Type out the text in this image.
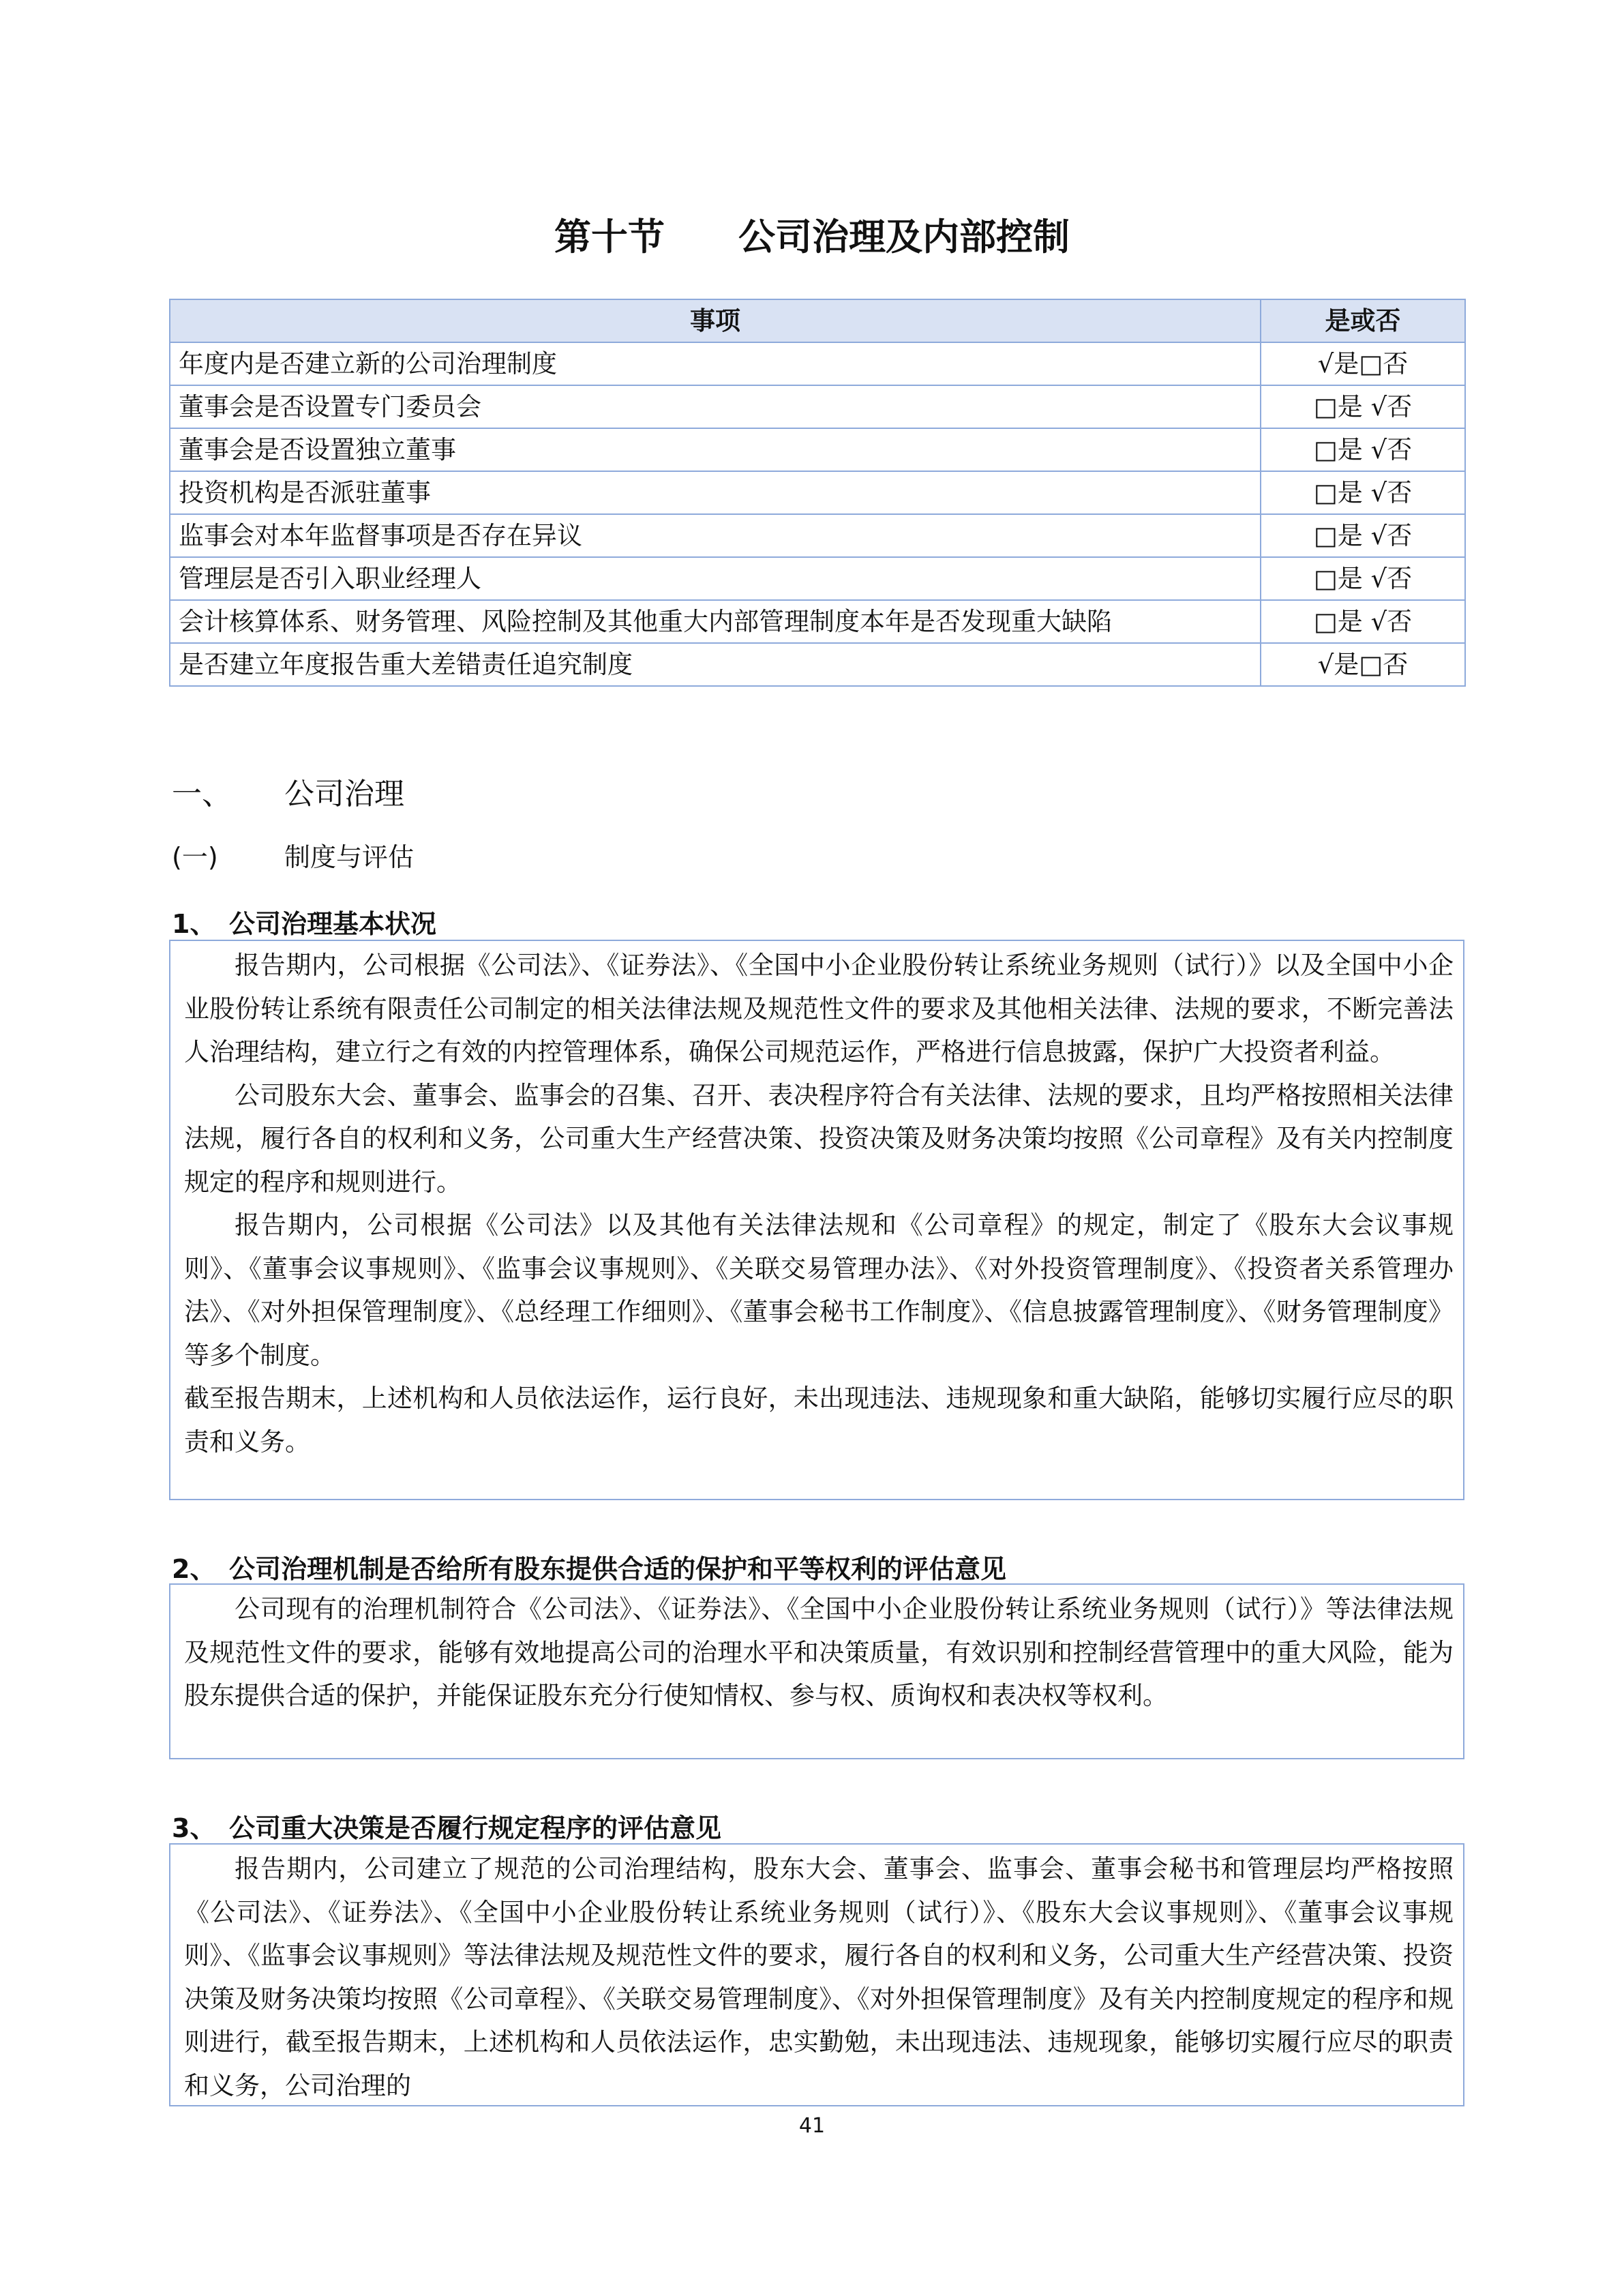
第十节　　公司治理及内部控制
事项	是或否
年度内是否建立新的公司治理制度	√是□否
董事会是否设置专门委员会	□是 √否
董事会是否设置独立董事	□是 √否
投资机构是否派驻董事	□是 √否
监事会对本年监督事项是否存在异议	□是 √否
管理层是否引入职业经理人	□是 √否
会计核算体系、财务管理、风险控制及其他重大内部管理制度本年是否发现重大缺陷	□是 √否
是否建立年度报告重大差错责任追究制度	√是□否
一、 公司治理
(一)	制度与评估
1、 公司治理基本状况

报告期内，公司根据《公司法》、《证券法》、《全国中小企业股份转让系统业务规则（试行）》以及全国中小企业股份转让系统有限责任公司制定的相关法律法规及规范性文件的要求及其他相关法律、法规的要求，不断完善法人治理结构，建立行之有效的内控管理体系，确保公司规范运作，严格进行信息披露，保护广大投资者利益。

公司股东大会、董事会、监事会的召集、召开、表决程序符合有关法律、法规的要求，且均严格按照相关法律法规，履行各自的权利和义务，公司重大生产经营决策、投资决策及财务决策均按照《公司章程》及有关内控制度规定的程序和规则进行。

报告期内，公司根据《公司法》以及其他有关法律法规和《公司章程》的规定，制定了《股东大会议事规则》、《董事会议事规则》、《监事会议事规则》、《关联交易管理办法》、《对外投资管理制度》、《投资者关系管理办法》、《对外担保管理制度》、《总经理工作细则》、《董事会秘书工作制度》、《信息披露管理制度》、《财务管理制度》等多个制度。

截至报告期末，上述机构和人员依法运作，运行良好，未出现违法、违规现象和重大缺陷，能够切实履行应尽的职责和义务。

2、 公司治理机制是否给所有股东提供合适的保护和平等权利的评估意见

公司现有的治理机制符合《公司法》、《证券法》、《全国中小企业股份转让系统业务规则（试行）》等法律法规及规范性文件的要求，能够有效地提高公司的治理水平和决策质量，有效识别和控制经营管理中的重大风险，能为股东提供合适的保护，并能保证股东充分行使知情权、参与权、质询权和表决权等权利。

3、 公司重大决策是否履行规定程序的评估意见

报告期内，公司建立了规范的公司治理结构，股东大会、董事会、监事会、董事会秘书和管理层均严格按照《公司法》、《证券法》、《全国中小企业股份转让系统业务规则（试行）》、《股东大会议事规则》、《董事会议事规则》、《监事会议事规则》等法律法规及规范性文件的要求，履行各自的权利和义务，公司重大生产经营决策、投资决策及财务决策均按照《公司章程》、《关联交易管理制度》、《对外担保管理制度》及有关内控制度规定的程序和规则进行，截至报告期末，上述机构和人员依法运作，忠实勤勉，未出现违法、违规现象，能够切实履行应尽的职责和义务，公司治理的

41
